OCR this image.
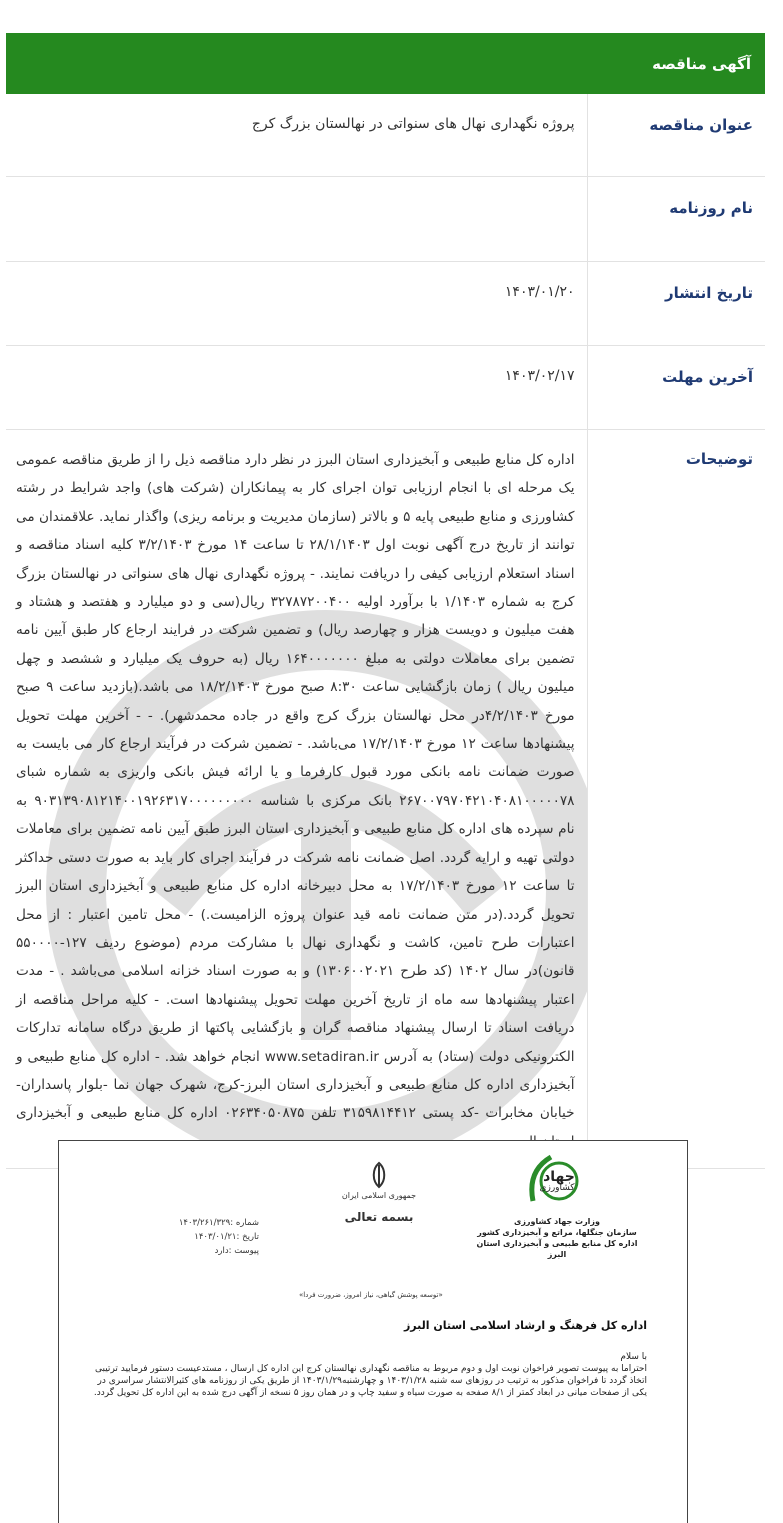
آگهی مناقصه
عنوان مناقصه	پروژه نگهداری نهال های سنواتی در نهالستان بزرگ کرج
نام روزنامه	
تاریخ انتشار	۱۴۰۳/۰۱/۲۰
آخرین مهلت	۱۴۰۳/۰۲/۱۷
توضیحات	اداره کل منابع طبیعی و آبخیزداری استان البرز در نظر دارد مناقصه ذیل را از طریق مناقصه عمومی یک مرحله ای با انجام ارزیابی توان اجرای کار به پیمانکاران (شرکت های) واجد شرایط در رشته کشاورزی و منابع طبیعی پایه ۵ و بالاتر (سازمان مدیریت و برنامه ریزی) واگذار نماید. علاقمندان می توانند از تاریخ درج آگهی نوبت اول ۲۸/۱/۱۴۰۳ تا ساعت ۱۴ مورخ ۳/۲/۱۴۰۳ کلیه اسناد مناقصه و اسناد استعلام ارزیابی کیفی را دریافت نمایند. - پروژه نگهداری نهال های سنواتی در نهالستان بزرگ کرج به شماره ۱/۱۴۰۳ با برآورد اولیه ۳۲۷۸۷۲۰۰۴۰۰ ریال(سی و دو میلیارد و هفتصد و هشتاد و هفت میلیون و دویست هزار و چهارصد ریال) و تضمین شرکت در فرایند ارجاع کار طبق آیین نامه تضمین برای معاملات دولتی به مبلغ ۱۶۴۰۰۰۰۰۰۰ ریال (به حروف یک میلیارد و ششصد و چهل میلیون ریال ) زمان بازگشایی ساعت ۸:۳۰ صبح مورخ ۱۸/۲/۱۴۰۳ می باشد.(بازدید ساعت ۹ صبح مورخ ۴/۲/۱۴۰۳در محل نهالستان بزرگ کرج واقع در جاده محمدشهر). - - آخرین مهلت تحویل پیشنهادها ساعت ۱۲ مورخ ۱۷/۲/۱۴۰۳ می‌باشد. - تضمین شرکت در فرآیند ارجاع کار می بایست به صورت ضمانت نامه بانکی مورد قبول کارفرما و یا ارائه فیش بانکی واریزی به شماره شبای ۲۶۷۰۰۷۹۷۰۴۲۱۰۴۰۸۱۰۰۰۰۰۷۸ بانک مرکزی با شناسه ۹۰۳۱۳۹۰۸۱۲۱۴۰۰۱۹۲۶۳۱۷۰۰۰۰۰۰۰۰۰ به نام سپرده های اداره کل منابع طبیعی و آبخیزداری استان البرز طبق آیین نامه تضمین برای معاملات دولتی تهیه و ارایه گردد. اصل ضمانت نامه شرکت در فرآیند اجرای کار باید به صورت دستی حداکثر تا ساعت ۱۲ مورخ ۱۷/۲/۱۴۰۳ به محل دبیرخانه اداره کل منابع طبیعی و آبخیزداری استان البرز تحویل گردد.(در متن ضمانت نامه قید عنوان پروژه الزامیست.) - محل تامین اعتبار : از محل اعتبارات طرح تامین، کاشت و نگهداری نهال با مشارکت مردم (موضوع ردیف ۱۲۷-۵۵۰۰۰۰ قانون)در سال ۱۴۰۲ (کد طرح ۱۳۰۶۰۰۲۰۲۱) و به صورت اسناد خزانه اسلامی می‌باشد . - مدت اعتبار پیشنهادها سه ماه از تاریخ آخرین مهلت تحویل پیشنهادها است. - کلیه مراحل مناقصه از دریافت اسناد تا ارسال پیشنهاد مناقصه گران و بازگشایی پاکتها از طریق درگاه سامانه تدارکات الکترونیکی دولت (ستاد) به آدرس www.setadiran.ir انجام خواهد شد. - اداره کل منابع طبیعی و آبخیزداری اداره کل منابع طبیعی و آبخیزداری استان البرز-کرج، شهرک جهان نما -بلوار پاسداران- خیابان مخابرات -کد پستی ۳۱۵۹۸۱۴۴۱۲ تلفن ۰۲۶۳۴۰۵۰۸۷۵ اداره کل منابع طبیعی و آبخیزداری
جهاد
کشاورزی
وزارت جهاد کشاورزی
سازمان جنگلها، مراتع و آبخیزداری کشور
اداره کل منابع طبیعی و آبخیزداری استان البرز
جمهوری اسلامی ایران
بسمه تعالی
شماره :۱۴۰۳/۲۶۱/۳۲۹
تاریخ :۱۴۰۳/۰۱/۲۱
پیوست :دارد
«توسعه پوشش گیاهی، نیاز امروز، ضرورت فردا»
اداره کل فرهنگ و ارشاد اسلامی استان البرز
با سلام
احتراما به پیوست تصویر فراخوان نوبت اول و دوم مربوط به مناقصه نگهداری نهالستان کرج این اداره کل ارسال ، مستدعیست دستور فرمایید ترتیبی اتخاذ گردد تا فراخوان مذکور به ترتیب در روزهای سه شنبه ۱۴۰۳/۱/۲۸ و چهارشنبه۱۴۰۳/۱/۲۹ از طریق یکی از روزنامه های کثیرالانتشار سراسری در یکی از صفحات میانی در ابعاد کمتر از ۸/۱ صفحه به صورت سیاه و سفید چاپ و در همان روز ۵ نسخه از آگهی درج شده به این اداره کل تحویل گردد.
